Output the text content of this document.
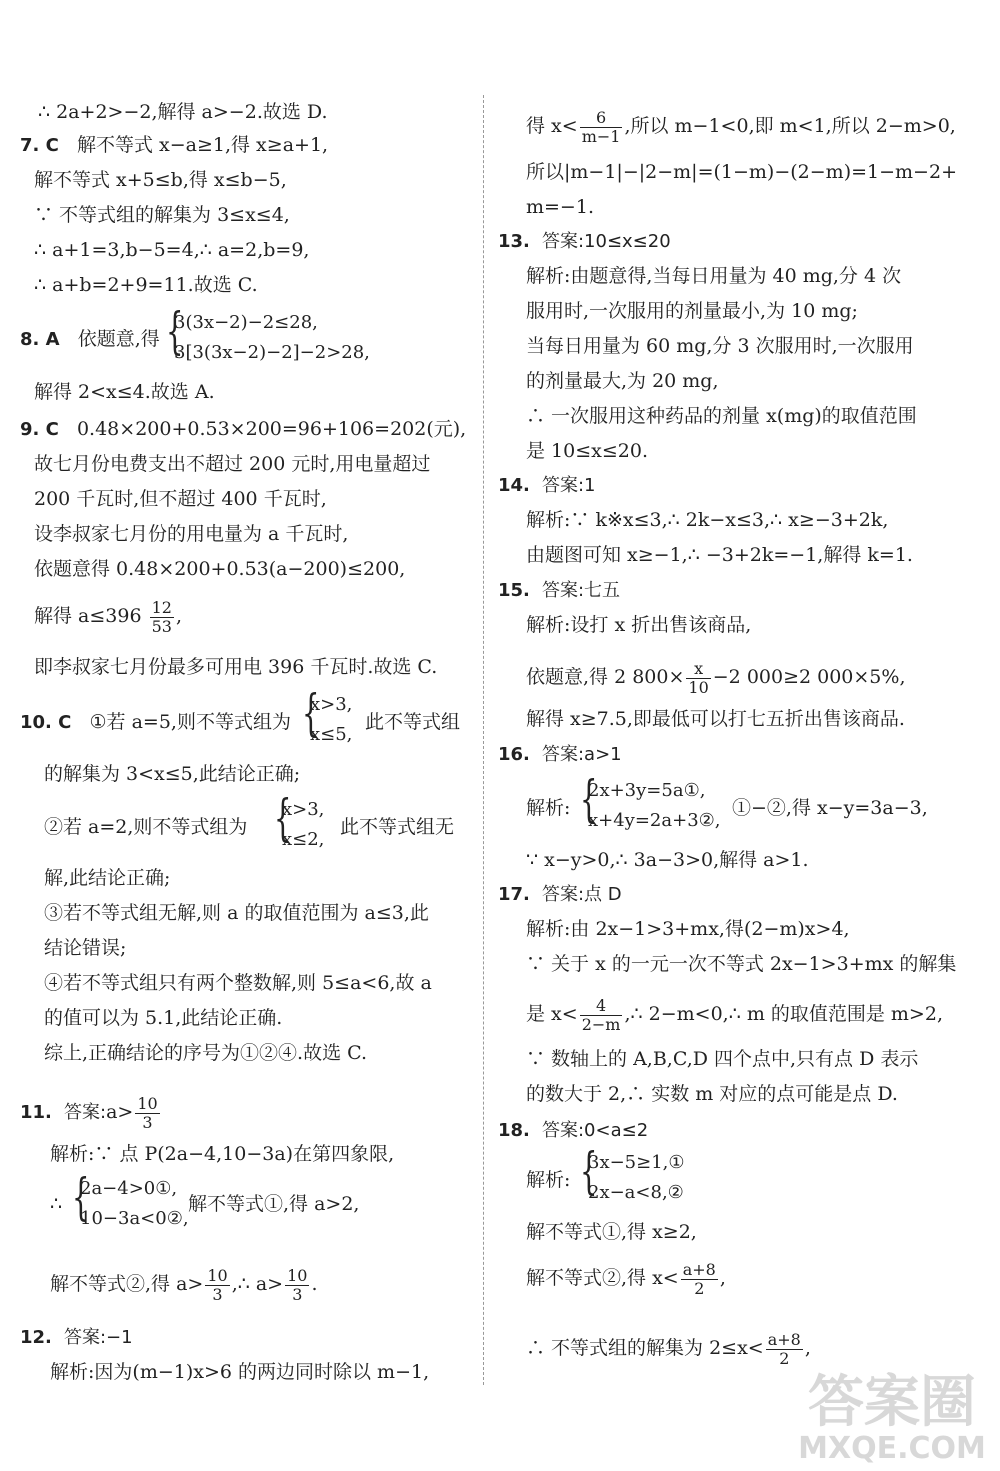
∴ 2a+2>−2,解得 a>−2.故选 D.
7. C 解不等式 x−a≥1,得 x≥a+1,
解不等式 x+5≤b,得 x≤b−5,
∵ 不等式组的解集为 3≤x≤4,
∴ a+1=3,b−5=4,∴ a=2,b=9,
∴ a+b=2+9=11.故选 C.
8. A 依题意,得 {
3(3x−2)−2≤28,
3[3(3x−2)−2]−2>28,
解得 2<x≤4.故选 A.
9. C 0.48×200+0.53×200=96+106=202(元),
故七月份电费支出不超过 200 元时,用电量超过
200 千瓦时,但不超过 400 千瓦时,
设李叔家七月份的用电量为 a 千瓦时,
依题意得 0.48×200+0.53(a−200)≤200,
解得 $a\le 396 \frac{12}{53}$ ,
即李叔家七月份最多可用电 396 千瓦时.故选 C.
10. C ①若 a=5,则不等式组为 {
x>3,
x≤5,
此不等式组
的解集为 3<x≤5,此结论正确;
②若 a=2,则不等式组为 {
x>3,
x≤2,
此不等式组无
解,此结论正确;
③若不等式组无解,则 a 的取值范围为 a≤3,此
结论错误;
④若不等式组只有两个整数解,则 5≤a<6,故 a
的值可以为 5.1,此结论正确.
综上,正确结论的序号为①②④.故选 C.
11. 答案:a> $\frac{10}{3}$
解析:∵ 点 P(2a−4,10−3a)在第四象限,
∴ {
2a−4>0①,
10−3a<0②,
解不等式①,得 a>2,
解不等式②,得 $a> \frac{10}{3}$ ,∴ $a> \frac{10}{3}$ .
12. 答案:−1
解析:因为(m−1)x>6 的两边同时除以 m−1,
得 $x< \frac{6}{m-1}$ ,所以 m−1<0,即 m<1,所以 2−m>0,
所以|m−1|−|2−m|=(1−m)−(2−m)=1−m−2+
m=−1.
13. 答案:10≤x≤20
解析:由题意得,当每日用量为 40 mg,分 4 次
服用时,一次服用的剂量最小,为 10 mg;
当每日用量为 60 mg,分 3 次服用时,一次服用
的剂量最大,为 20 mg,
∴ 一次服用这种药品的剂量 x(mg)的取值范围
是 10≤x≤20.
14. 答案:1
解析:∵ k※x≤3,∴ 2k−x≤3,∴ x≥−3+2k,
由题图可知 x≥−1,∴ −3+2k=−1,解得 k=1.
15. 答案:七五
解析:设打 x 折出售该商品,
依题意,得 2 $800\times \frac{x}{10} -2$ 000≥2 000×5%,
解得 x≥7.5,即最低可以打七五折出售该商品.
16. 答案:a>1
解析: {
2x+3y=5a①,
x+4y=2a+3②,
①−②,得 x−y=3a−3,
∵ x−y>0,∴ 3a−3>0,解得 a>1.
17. 答案:点 D
解析:由 2x−1>3+mx,得(2−m)x>4,
∵ 关于 x 的一元一次不等式 2x−1>3+mx 的解集
是 $x< \frac{4}{2-m}$ ,∴ 2−m<0,∴ m 的取值范围是 m>2,
∵ 数轴上的 A,B,C,D 四个点中,只有点 D 表示
的数大于 2,∴ 实数 m 对应的点可能是点 D.
18. 答案:0<a≤2
解析: {
3x−5≥1,①
2x−a<8,②
解不等式①,得 x≥2,
解不等式②,得 $x< \frac{a+8}{2}$ ,
∴ 不等式组的解集为 $2\le x< \frac{a+8}{2}$ ,
答案圈
MXQE.COM
